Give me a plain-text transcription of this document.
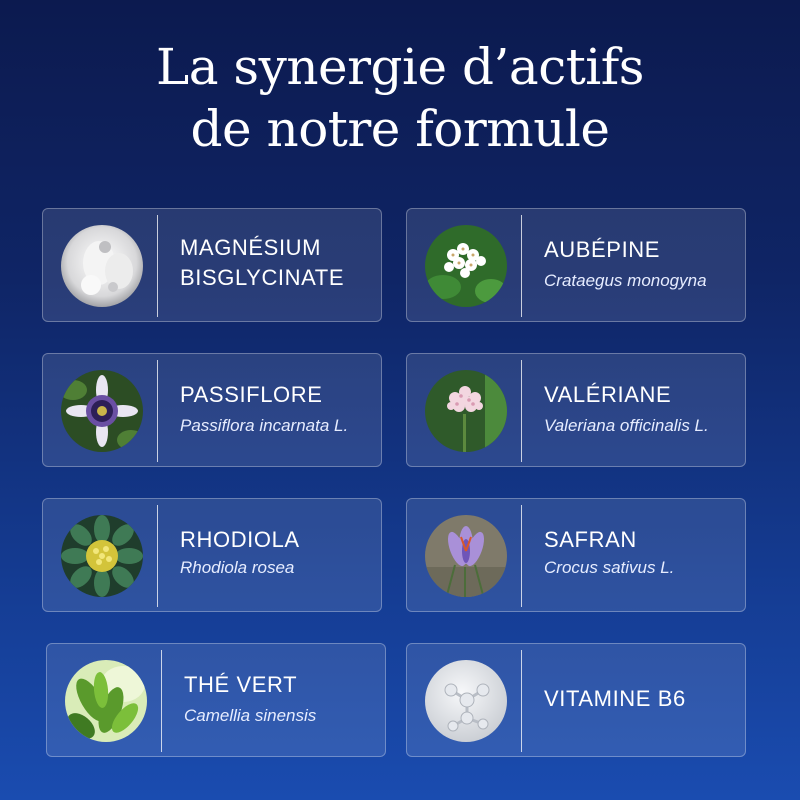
La synergie d’actifs
de notre formule
MAGNÉSIUM
BISGLYCINATE
AUBÉPINE
Crataegus monogyna
PASSIFLORE
Passiflora incarnata L.
VALÉRIANE
Valeriana officinalis L.
RHODIOLA
Rhodiola rosea
SAFRAN
Crocus sativus L.
THÉ VERT
Camellia sinensis
VITAMINE B6
